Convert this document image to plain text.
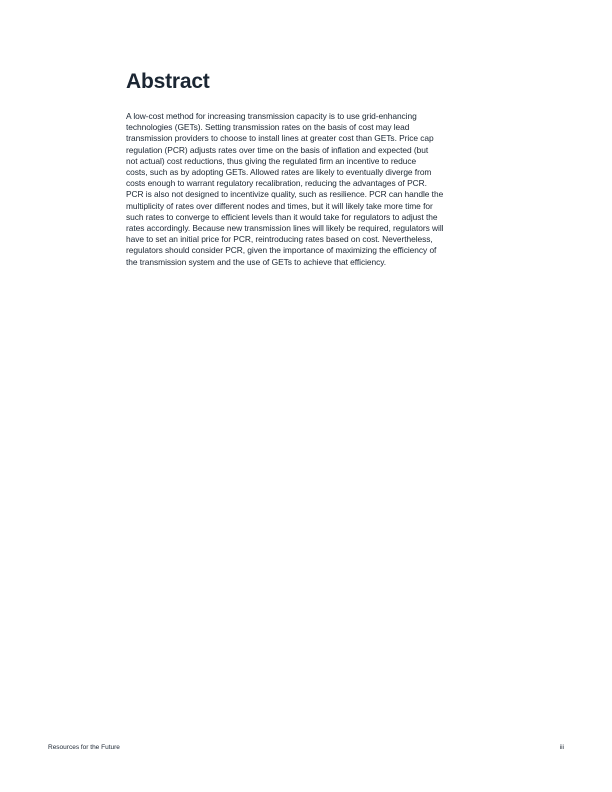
Abstract
A low-cost method for increasing transmission capacity is to use grid-enhancing
technologies (GETs). Setting transmission rates on the basis of cost may lead
transmission providers to choose to install lines at greater cost than GETs. Price cap
regulation (PCR) adjusts rates over time on the basis of inflation and expected (but
not actual) cost reductions, thus giving the regulated firm an incentive to reduce
costs, such as by adopting GETs. Allowed rates are likely to eventually diverge from
costs enough to warrant regulatory recalibration, reducing the advantages of PCR.
PCR is also not designed to incentivize quality, such as resilience. PCR can handle the
multiplicity of rates over different nodes and times, but it will likely take more time for
such rates to converge to efficient levels than it would take for regulators to adjust the
rates accordingly. Because new transmission lines will likely be required, regulators will
have to set an initial price for PCR, reintroducing rates based on cost. Nevertheless,
regulators should consider PCR, given the importance of maximizing the efficiency of
the transmission system and the use of GETs to achieve that efficiency.
Resources for the Future	iii
